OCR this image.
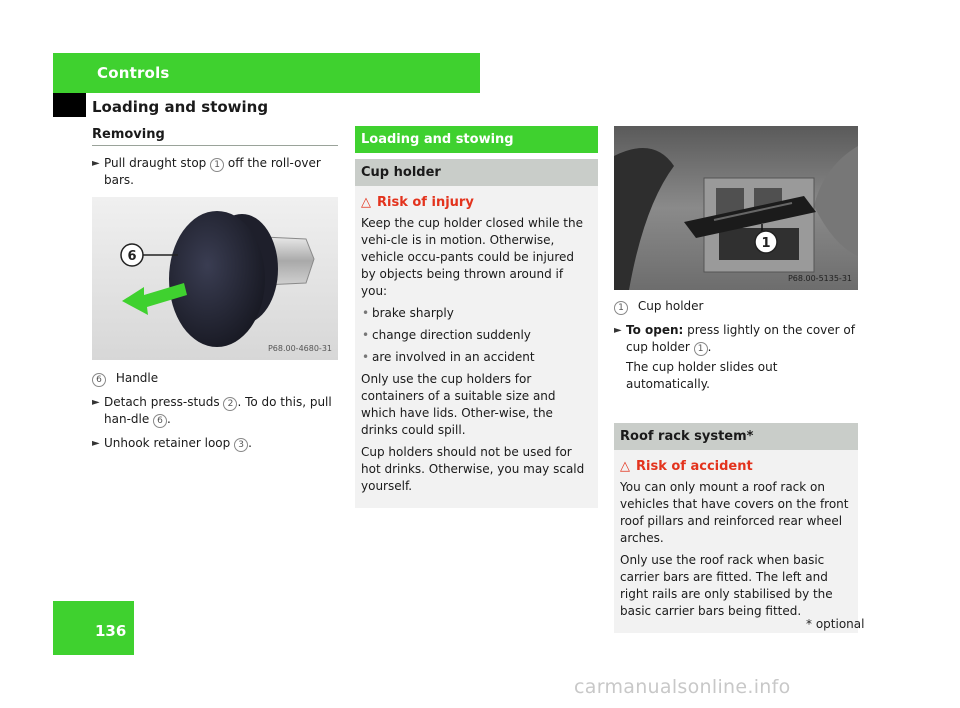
Controls
Loading and stowing
Removing
► Pull draught stop 1 off the roll-over bars.
6
P68.00-4680-31
6 Handle
► Detach press-studs 2 . To do this, pull han-dle 6 .
► Unhook retainer loop 3 .
Loading and stowing
Cup holder
△ Risk of injury

Keep the cup holder closed while the vehi-cle is in motion. Otherwise, vehicle occu-pants could be injured by objects being thrown around if you:

• brake sharply
• change direction suddenly
• are involved in an accident

Only use the cup holders for containers of a suitable size and which have lids. Other-wise, the drinks could spill.

Cup holders should not be used for hot drinks. Otherwise, you may scald yourself.

1
P68.00-5135-31
1 Cup holder
► To open: press lightly on the cover of cup holder 1 .
The cup holder slides out automatically.
Roof rack system*
△ Risk of accident

You can only mount a roof rack on vehicles that have covers on the front roof pillars and reinforced rear wheel arches.

Only use the roof rack when basic carrier bars are fitted. The left and right rails are only stabilised by the basic carrier bars being fitted.

136	* optional
carmanualsonline.info
